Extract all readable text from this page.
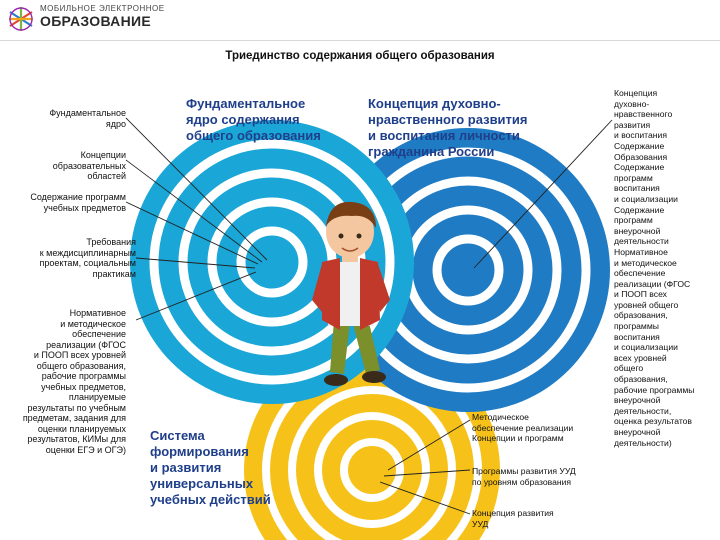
МОБИЛЬНОЕ ЭЛЕКТРОННОЕ
ОБРАЗОВАНИЕ
Триединство содержания общего образования
Фундаментальное
ядро
Концепции
образовательных
областей
Содержание программ
учебных предметов
Требования
к междисциплинарным
проектам, социальным
практикам
Нормативное
и методическое
обеспечение
реализации (ФГОС
и ПООП всех уровней
общего образования,
рабочие программы
учебных предметов,
планируемые
результаты по учебным
предметам, задания для
оценки планируемых
результатов, КИМы для
оценки ЕГЭ и ОГЭ)
Фундаментальное
ядро содержания
общего образования
Концепция духовно-
нравственного развития
и воспитания личности
гражданина России
Система
формирования
и развития
универсальных
учебных действий
Методическое
обеспечение реализации
Концепции и программ
Программы развития УУД
по уровням образования
Концепция развития
УУД
Концепция
духовно-
нравственного
развития
и воспитания
Содержание
Образования
Содержание
программ
воспитания
и социализации
Содержание
программ
внеурочной
деятельности
Нормативное
и методическое
обеспечение
реализации (ФГОС
и ПООП всех
уровней общего
образования,
программы
воспитания
и социализации
всех уровней
общего
образования,
рабочие программы
внеурочной
деятельности,
оценка результатов
внеурочной
деятельности)
